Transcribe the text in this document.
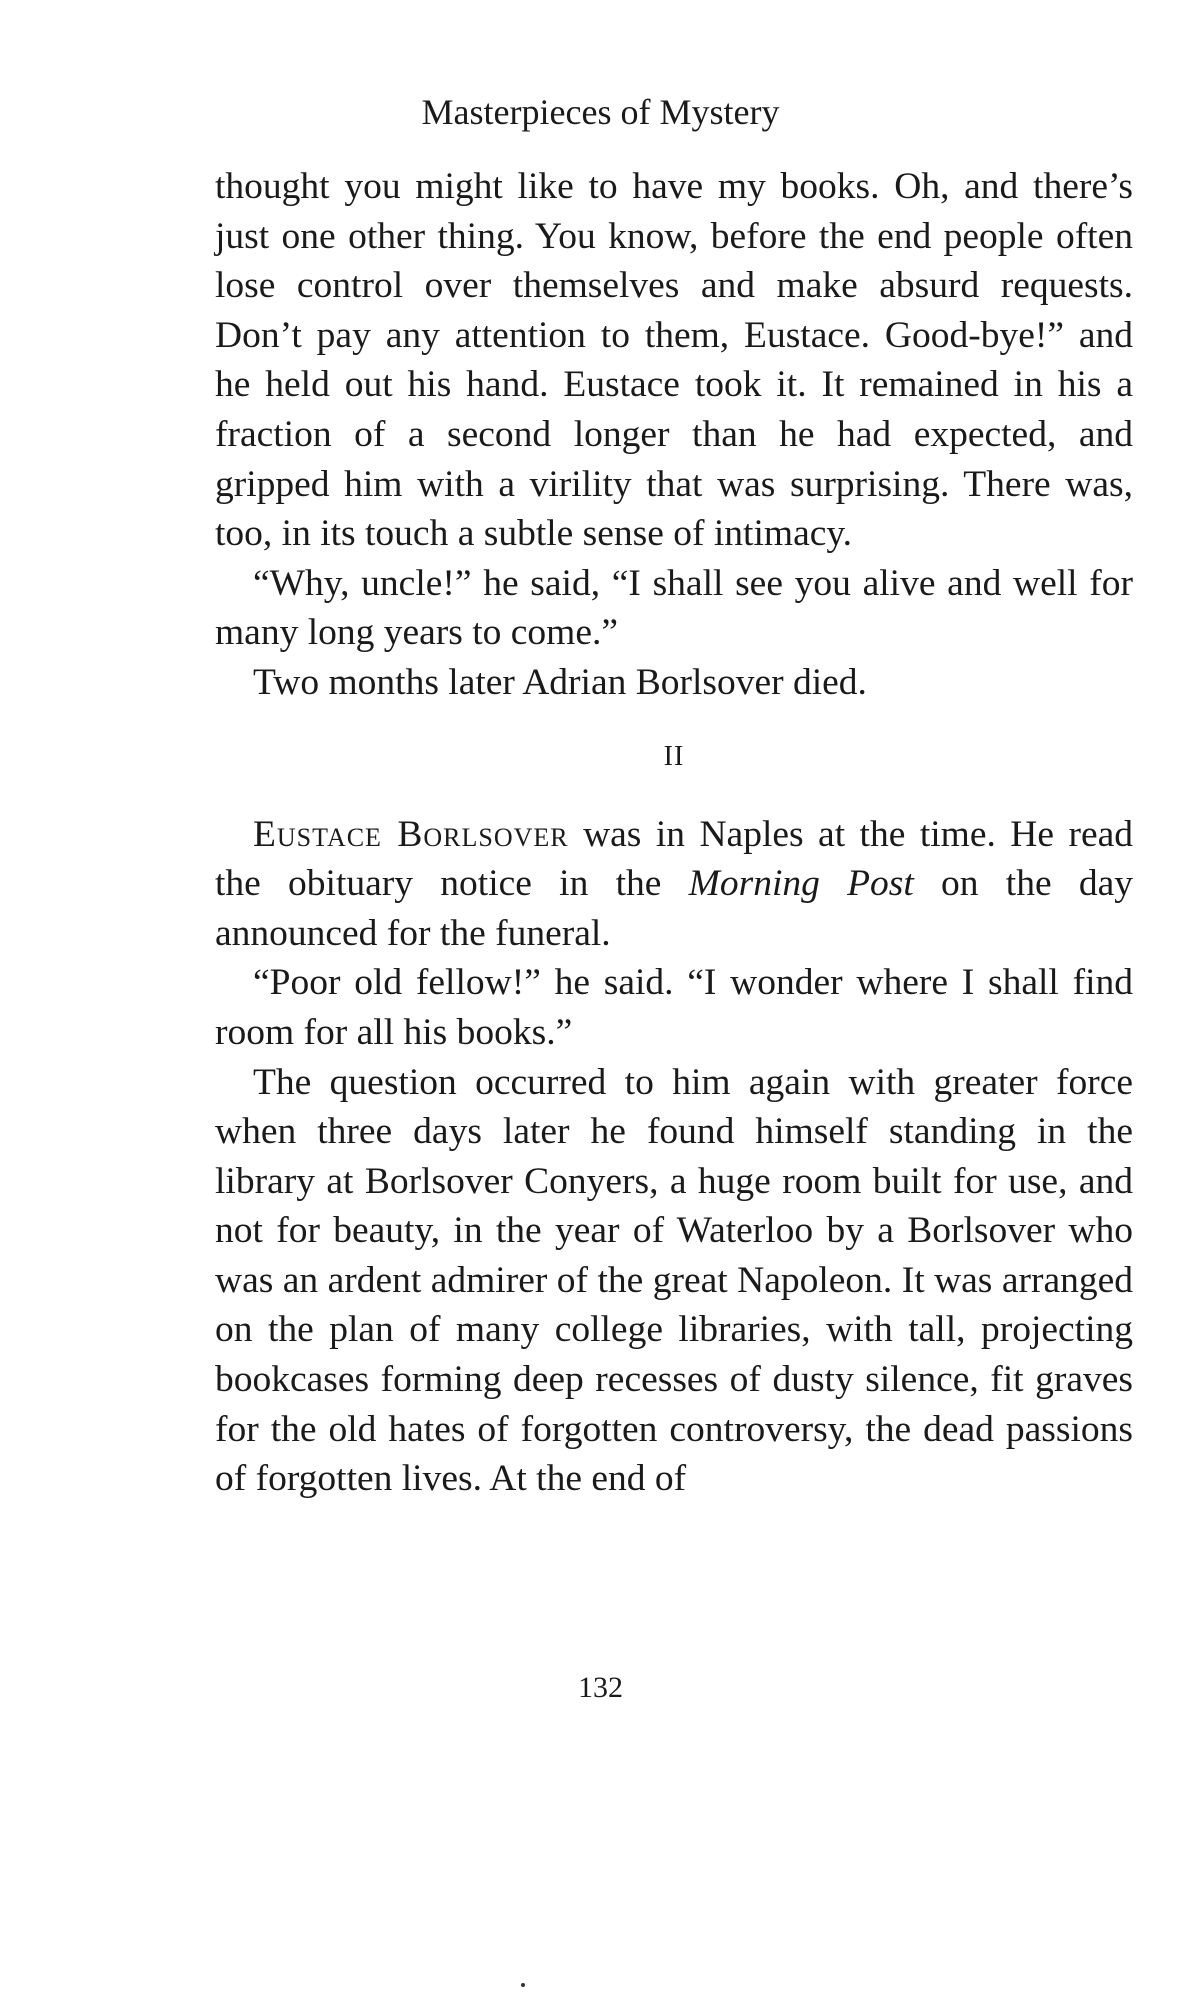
Masterpieces of Mystery

thought you might like to have my books. Oh, and there’s just one other thing. You know, before the end people often lose control over themselves and make absurd requests. Don’t pay any attention to them, Eustace. Good-bye!” and he held out his hand. Eustace took it. It remained in his a fraction of a second longer than he had expected, and gripped him with a virility that was surprising. There was, too, in its touch a subtle sense of intimacy.

“Why, uncle!” he said, “I shall see you alive and well for many long years to come.”

Two months later Adrian Borlsover died.

II

Eustace Borlsover was in Naples at the time. He read the obituary notice in the Morning Post on the day announced for the funeral.

“Poor old fellow!” he said. “I wonder where I shall find room for all his books.”

The question occurred to him again with greater force when three days later he found himself standing in the library at Borlsover Conyers, a huge room built for use, and not for beauty, in the year of Waterloo by a Borlsover who was an ardent admirer of the great Napoleon. It was arranged on the plan of many college libraries, with tall, projecting bookcases forming deep recesses of dusty silence, fit graves for the old hates of forgotten controversy, the dead passions of forgotten lives. At the end of

132
